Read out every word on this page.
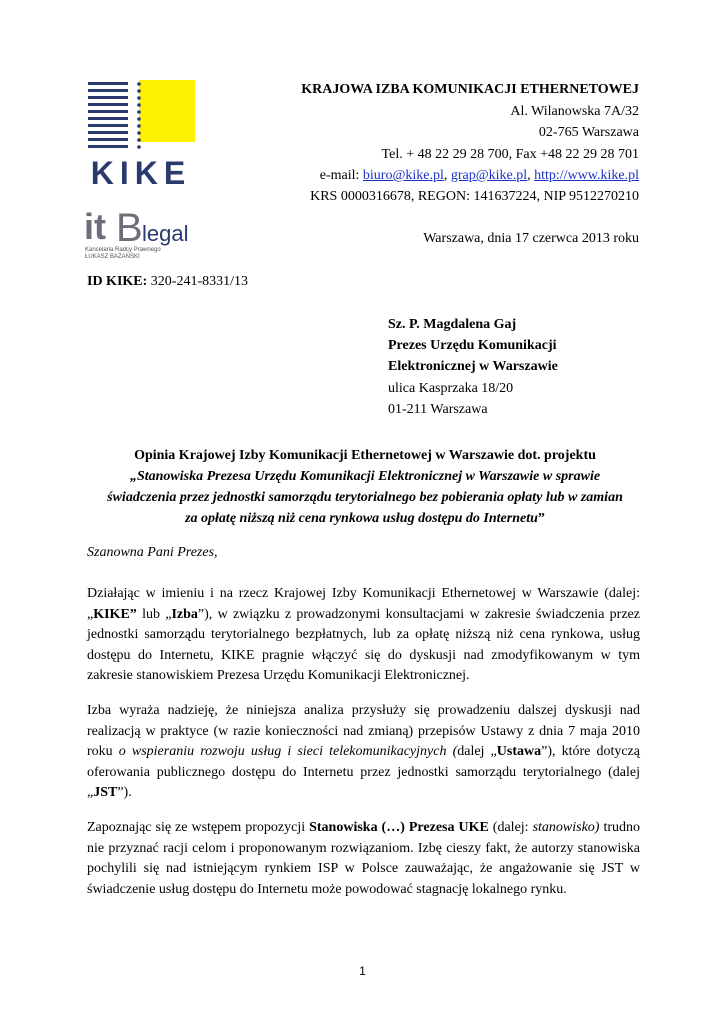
KIKE
it B legal
Kancelaria Radcy Prawnego
ŁUKASZ BAŻAŃSKI
KRAJOWA IZBA KOMUNIKACJI ETHERNETOWEJ
Al. Wilanowska 7A/32
02-765 Warszawa
Tel. + 48 22 29 28 700, Fax +48 22 29 28 701
e-mail: biuro@kike.pl, grap@kike.pl, http://www.kike.pl
KRS 0000316678, REGON: 141637224, NIP 9512270210
Warszawa, dnia 17 czerwca 2013 roku
ID KIKE: 320-241-8331/13
Sz. P. Magdalena Gaj
Prezes Urzędu Komunikacji
Elektronicznej w Warszawie
ulica Kasprzaka 18/20
01-211 Warszawa
Opinia Krajowej Izby Komunikacji Ethernetowej w Warszawie dot. projektu
„Stanowiska Prezesa Urzędu Komunikacji Elektronicznej w Warszawie w sprawie
świadczenia przez jednostki samorządu terytorialnego bez pobierania opłaty lub w zamian
za opłatę niższą niż cena rynkowa usług dostępu do Internetu”
Szanowna Pani Prezes,
Działając w imieniu i na rzecz Krajowej Izby Komunikacji Ethernetowej w Warszawie (dalej: „KIKE” lub „Izba”), w związku z prowadzonymi konsultacjami w zakresie świadczenia przez jednostki samorządu terytorialnego bezpłatnych, lub za opłatę niższą niż cena rynkowa, usług dostępu do Internetu, KIKE pragnie włączyć się do dyskusji nad zmodyfikowanym w tym zakresie stanowiskiem Prezesa Urzędu Komunikacji Elektronicznej.
Izba wyraża nadzieję, że niniejsza analiza przysłuży się prowadzeniu dalszej dyskusji nad realizacją w praktyce (w razie konieczności nad zmianą) przepisów Ustawy z dnia 7 maja 2010 roku o wspieraniu rozwoju usług i sieci telekomunikacyjnych (dalej „Ustawa”), które dotyczą oferowania publicznego dostępu do Internetu przez jednostki samorządu terytorialnego (dalej „JST”).
Zapoznając się ze wstępem propozycji Stanowiska (…) Prezesa UKE (dalej: stanowisko) trudno nie przyznać racji celom i proponowanym rozwiązaniom. Izbę cieszy fakt, że autorzy stanowiska pochylili się nad istniejącym rynkiem ISP w Polsce zauważając, że angażowanie się JST w świadczenie usług dostępu do Internetu może powodować stagnację lokalnego rynku.
1
